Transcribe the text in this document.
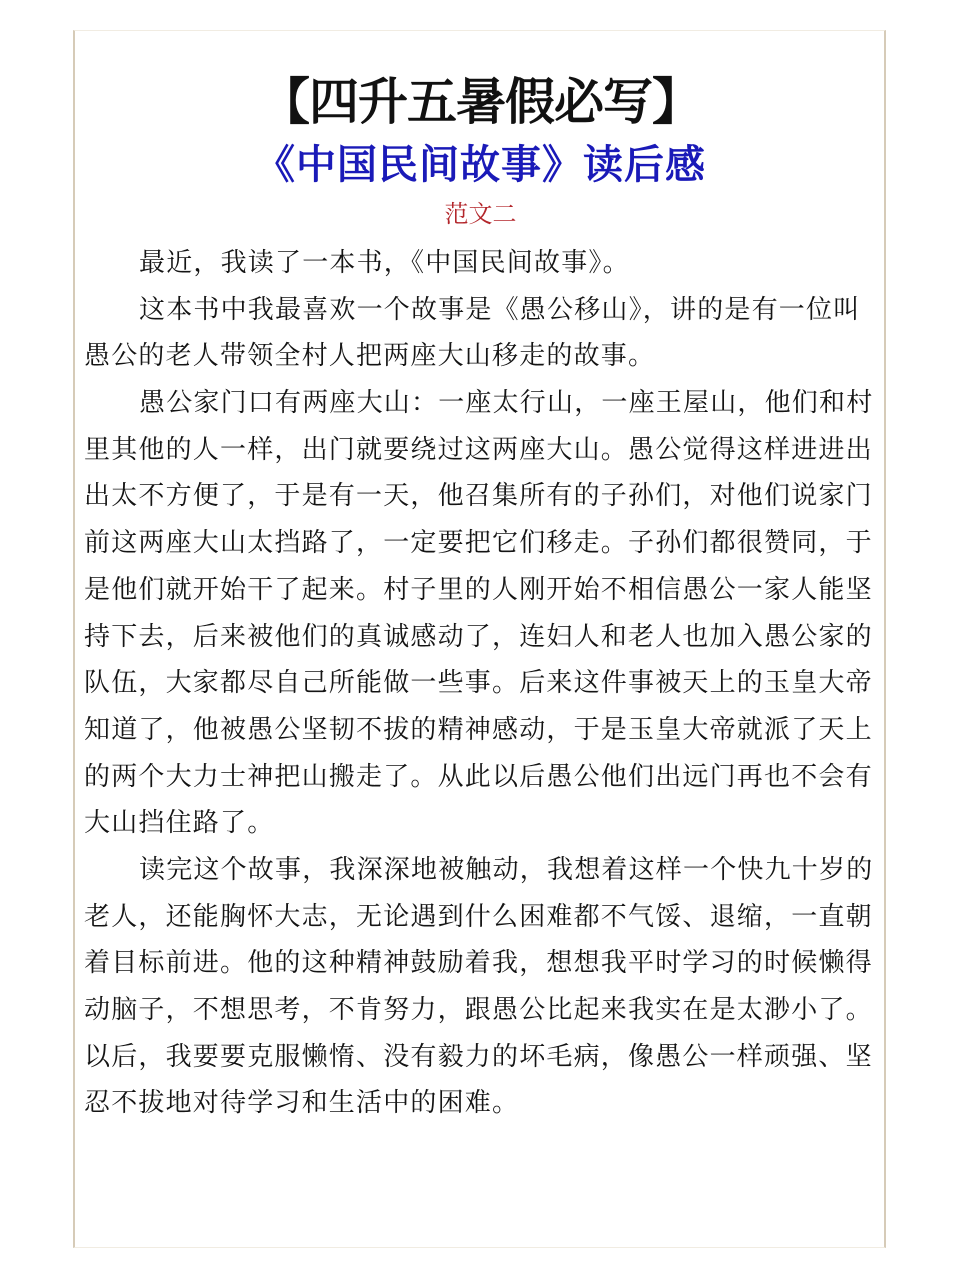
【四升五暑假必写】
《中国民间故事》读后感
范文二
最近，我读了一本书，《中国民间故事》。
这本书中我最喜欢一个故事是《愚公移山》，讲的是有一位叫
愚公的老人带领全村人把两座大山移走的故事。
愚公家门口有两座大山：一座太行山，一座王屋山，他们和村
里其他的人一样，出门就要绕过这两座大山。愚公觉得这样进进出
出太不方便了，于是有一天，他召集所有的子孙们，对他们说家门
前这两座大山太挡路了，一定要把它们移走。子孙们都很赞同，于
是他们就开始干了起来。村子里的人刚开始不相信愚公一家人能坚
持下去，后来被他们的真诚感动了，连妇人和老人也加入愚公家的
队伍，大家都尽自己所能做一些事。后来这件事被天上的玉皇大帝
知道了，他被愚公坚韧不拔的精神感动，于是玉皇大帝就派了天上
的两个大力士神把山搬走了。从此以后愚公他们出远门再也不会有
大山挡住路了。
读完这个故事，我深深地被触动，我想着这样一个快九十岁的
老人，还能胸怀大志，无论遇到什么困难都不气馁、退缩，一直朝
着目标前进。他的这种精神鼓励着我，想想我平时学习的时候懒得
动脑子，不想思考，不肯努力，跟愚公比起来我实在是太渺小了。
以后，我要要克服懒惰、没有毅力的坏毛病，像愚公一样顽强、坚
忍不拔地对待学习和生活中的困难。
